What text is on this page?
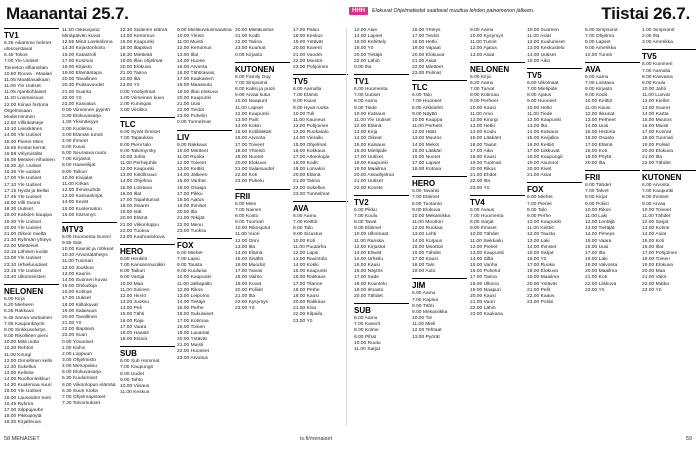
Maanantai 25.7.	HHH	Elokuvat Ohjelmatiedot saattavat muuttua lehden painomenon jälkeen.	Tiistai 26.7.
TV1
6.25 Aikamme helmet ulosovistavat
6.45 Tokos
7.00 Yle Uutiset
Toimeton elfiansilain
10.50 Rouva - Maalari
11.05 Maatilasaikaan
11.00 Yle Uutiset
11.05 Ajankohtaiset
11.20 Loomeisuus
12.00 Kiinan historia
Orgelmisaan Moderniminen
12.50 Villinkatseje
13.10 Leisskänen
14.00 Yle Uutiset
15.00 Pienet Mies
15.55 Kootut kerrat
15.58 Vrilymistilät
16.05 Metsien Alhainen
16.30 Jyl. Uutiset
16.35 Yle uutiset
17.00 Yle Uutiset
17.10 Yle Uutiset
17.15 Hyvät ja Bellat
17.45 Yle Uutiset
18.00 Villi Suomi
18.30 Uutiset
19.00 Kahden kauppa
19.30 Yle Uutiset
20.00 Yle Uutiset
21.00 Oikein mieltä
21.30 Ryhmän yhteys
22.00 Mietteiset
22.15 Lähisen luolat
23.00 Yle Uutiset
23.10 Urheiluuutiset
23.15 Yle Uutiset
23.40 Ulkoministeri
NELONEN
6.00 Kirja
6.20 Mieheen
6.25 Rakkaus
6.45 Sanna Vartiainen
7.05 Kaupankäynti
8.00 Sinkkuselvitys
9.00 Rikollinen pieni
10.00 Mitä uutta
10.30 Rehtori
11.00 Kirurgi
12.00 Onnellinen kello
12.30 Sukellus
13.00 Kelloita
14.00 Ruohonleikkuri
14.30 Kuolemaa suuri
15.00 Yle Uutiset
16.00 Lauseiden tunti
16.45 Ryhmä
17.00 Silppujauhe
18.00 Pikkupöytä
18.30 Kirjallisuus
11.50 Oikeusjutut
Minäpäivän kuvat
12.55 Minä Lastenlinna
14.30 Kirjastonhoito
16.00 Katastrofi
17.00 Kosmos
18.00 Kirjasto
19.00 Elämäntapa
20.00 Tavallinen
20.30 Puistovuodet
21.00 Suunta
22.00 Yö
23.00 Kasvatus
0.00 Viimeinen pyyntö
0.30 Elokuvasarja
1.00 Yksinäisyys
2.00 Kuolema
3.00 Elämän tunnit
4.00 Ihmeet
5.00 Kuusi
6.00 Seuraava ruutu
7.00 Kirjastot
8.00 Haaveilijat
9.00 Taikuri
10.00 Kivijalat
11.00 Kirkas
12.00 Ihmissuhde
13.00 Kansankirjat
14.00 Kevät
15.00 Kuolematon
16.00 Kärsimys
MTV3
6.00 Huomenta Suomi
9.55 Sää
10.00 Kauniit ja rohkeat
10.30 Arvontalähetys
11.00 Tuomari
12.00 Joukkue
13.00 Kaunis
14.00 Suomen kuvat
15.00 Ohikulkija
16.00 Kolmas
17.00 Uutiset
18.00 Kiiltokuvat
19.00 Salaisuus
20.00 Tavallinen
21.00 Yö
22.00 Iltapäivä
23.00 Suuri
0.00 Yöuutiset
1.00 Kahvi
2.00 Loppuun
3.00 Ohjelmisto
4.00 Menopaluu
5.00 Elokuvasarja
5.30 Kuulumiset
6.00 Viikonlopun elämää
6.30 Suuri ruoka
7.00 Ohjelmapisteet
7.30 Toivomukset
12.30 Sisäinen elämä
14.00 Kertomus
16.00 Kaupunki
18.00 Iltapäivä
18.30 Mietteitä
19.00 Illan ohjelmat
20.00 Elokuva
21.00 Tarina
22.00 Ilta
23.00 Yö
0.00 Yöohjelmat
1.00 Viimeinen kuva
2.00 Kuningas
3.00 Viisikko
TLC
6.00 Syvät ihmiset
7.00 Tapauksia
8.00 Pieni talo
9.00 Talvimyrsky
10.00 Juhla
11.00 Perhejuhla
12.00 Kaupunki
13.00 Kiitollisuus
14.00 Ohjelma
15.00 Loistava
16.00 Illat
17.00 Tapahtumat
18.00 Sisaret
19.00 Isät
20.00 Elämä
21.00 Viikonloppu
22.00 Tuoksu
23.00 Kauhuelokuva
HERO
6.00 Henkilö
7.00 Kansanmusiikki
8.00 Taikuri
9.00 Vartija
10.00 Maa
11.00 Sininen
12.00 Hirviö
13.00 Juoksu
14.00 Peli
15.00 Tähti
16.00 Raja
17.00 Vaara
18.00 Haaste
19.00 Etsivä
SUB
6.00 Sub Hommat
7.00 Kaupungit
8.00 Uudet
9.00 Tahto
10.00 Viisaus
11.00 Keskus
9.00 Mielikuvitusmaailma
10.00 Yleisö
11.00 Muisti
12.00 Kertomus
13.00 Illat
14.00 Huone
15.00 Arvonta
16.00 Tähtitaivas
17.00 Kaukainen
18.00 Maaseutu
19.00 Illan elokuva
20.00 Kaupunki
21.00 Uusi
22.00 Tiedot
23.00 Puhelin
0.00 Tunnelmat
LIV
9.00 Rakkaus
10.00 Mietteet
11.00 Ruoka
12.00 Toiveet
13.00 Keittiö
14.00 Jälkeen
15.00 Vanhat
16.00 Osaaja
17.00 Pikku
18.00 Ajatus
19.00 Ihmiset
20.00 Ilta
21.00 Tekijät
22.00 Menu
23.00 Tuoksu
FOX
6.00 Miehet
7.00 Lapsi
8.00 Tausta
9.00 Kuuluisa
10.00 Kaupunki
11.00 Jalkapallo
12.00 Rikos
13.00 Leipomo
14.00 Tietäjä
15.00 Perhe
16.00 Sukulaiset
17.00 Kotimaa
18.00 Toinen
19.00 Lauantai
20.00 Ystävät
21.00 Muisti
22.00 Huoneet
23.00 Arvoitus
20.00 Mielikuvitus
21.00 Kodit
22.00 Tarina
23.00 Kuumat
0.00 Kirjasto
KUTONEN
6.00 Family Guy
7.00 Simpsonit
8.00 Kaksi ja puoli
9.00 Arvaa kuka
10.00 Naapurit
11.00 Lapset
12.00 Kaupunki
13.00 Parit
14.00 Kokin
15.00 Kotilääkäri
16.00 Arvonta
17.00 Toiveet
18.00 Yhteisö
19.00 Nuoret
20.00 Elokuva
21.00 Salaisuudet
22.00 Koti
23.00 Puhelu
FRII
6.00 Mies
7.00 Nainen
8.00 Kosto
9.00 Tuomari
10.00 Rikosjutut
11.00 Vuori
12.00 Onni
13.00 Ilta
14.00 Elämä
15.00 Sisältö
16.00 Muodot
17.00 Taivas
18.00 Vaihto
19.00 Kuvat
20.00 Poliisit
21.00 Ilta
22.00 Kysymys
23.00 Yö
17.00 Paluu
18.00 Keskus
19.00 Ystävät
20.00 Kaverit
21.00 Vuodet
22.00 Muistot
23.00 Pohjoinen
TV5
6.00 Aamulla
7.00 Elämä
8.00 Kausi
9.00 Hyvä ruoka
10.00 Tuli
11.00 Kauneus
12.00 Pohjoinen
13.00 Ruokatalo
14.00 Vierailu
15.00 Ohjelmat
16.00 Kokkaus
17.00 Arkeologia
18.00 Kodit
19.00 Lomaksi
20.00 Elämä
21.00 Tarina
22.00 Sukellus
23.00 Tunnelmat
AVA
6.00 Aamu
7.00 Keittiö
8.00 Talo
9.00 Sisustus
10.00 Koti
11.00 Puutarha
12.00 Lapsi
13.00 Ravintola
14.00 Kokki
15.00 Kaupunki
16.00 Rakkaus
17.00 Tilanne
18.00 Perhe
19.00 Kausi
20.00 Rakkaus
21.00 Kisa
22.00 Kilpailu
23.00 Yö
12.00 Alue
14.00 Lapset
16.00 Kehittely
18.00 Yö
20.00 Tietäjä
22.00 Lähiö
0.00 Ilta
TV1
6.00 Huomenta
7.00 Uutiset
8.00 Aamu
9.00 Tiede
10.00 Katsaus
11.00 Yle Uutiset
12.00 Elämä
13.00 Kirja
14.00 Oikeat
15.00 Katsaus
16.00 Mielipide
17.00 Uutiset
18.00 Kaupunki
19.00 Maailma
20.00 Asiaohjelma
21.00 Uutiset
22.00 Kooste
TV2
6.00 Pikku
7.00 Koulu
8.00 Tavat
9.00 Eläimet
10.00 Ulkomaat
11.00 Ranska
12.00 Kirjastot
13.00 Elävät
14.00 Urheilu
15.00 Kausi
16.00 Näytös
17.00 Sade
18.00 Kuuntelu
19.00 Ilmasto
20.00 Tähdet
SUB
6.00 Aamu
7.00 Kaverit
8.00 Kolme
9.00 Pihat
10.00 Ruutu
11.00 Sarjat
16.00 Yhteys
17.00 Tiedot
18.00 Hetki
19.00 Vapaat
20.00 Elokuvat
21.00 Asiat
22.00 Mietteet
23.00 Pulmat
TLC
6.00 Talo
7.00 Huoneet
8.00 Arkkitehti
9.00 Näyttö
10.00 Kauppa
11.00 Perheet
12.00 Häät
13.00 Muutos
14.00 Mekot
15.00 Lääkäri
16.00 Nuoret
17.00 Lapset
18.00 Kotona
HERO
6.00 Tavarat
7.00 Eläimet
8.00 Tuotanto
9.00 Elokuva
10.00 Mekaniikka
11.00 Moottori
12.00 Ruokaa
13.00 Lehti
14.00 Korjaus
15.00 Moottori
16.00 Tähdet
17.00 Kausi
18.00 Talo
19.00 Auto
JIM
6.00 Aamu
7.00 Kapina
8.00 Tähti
9.00 Mekaniikka
10.00 Tie
11.00 Mieli
12.00 Tehtaat
13.00 Pyörät
9.00 Aamu
10.00 Kysymys
11.00 Tunnit
12.00 Ajatus
13.00 Asiat
NELONEN
6.00 Kirja
6.20 Aamu
7.00 Turvat
8.00 Kotimaa
9.00 Perheet
10.00 Kausi
11.00 Arvo
12.00 Kirurgi
13.00 Hetki
14.00 Koulu
15.00 Lääkärit
16.00 Taulut
17.00 Aika
18.00 Kausi
19.00 Tuomari
20.00 Rikos
21.00 Ehdot
22.00 Ilta
23.00 Yö
TV4
6.00 Avaus
7.00 Huomenta
8.00 Sarjat
9.00 Ihmiset
10.00 Tähdet
11.00 Seikkailu
12.00 Pienet
13.00 Kaupunki
14.00 Silta
15.00 Vanha
16.00 Puhelut
17.00 Tarina
18.00 Ulkona
19.00 Naapuri
20.00 Kausi
21.00 Vuori
22.00 Lähiö
23.00 Kaukana
10.00 Suomen
11.00 Asiat
12.00 Kuulumiset
13.00 Keskustelu
14.00 Uutiset
15.00 Aika
TV5
6.00 Ulkomaat
7.00 Mielipide
8.00 Ajatus
9.00 Huoneet
10.00 Hetki
11.00 Tiede
12.00 Kaupunki
13.00 Ilta
14.00 Katsaus
15.00 Kivijalka
16.00 Keittiö
17.00 Liikkuvat
18.00 Kaupungit
19.00 Asunnot
20.00 Kivet
21.00 Asiat
FOX
6.00 Miehet
7.00 Pienet
8.00 Talo
9.00 Perhe
10.00 Kaupunki
11.00 Keittiö
12.00 Tausta
13.00 Laki
14.00 Ihmiset
15.00 Sarjat
16.00 Yö
17.00 Ruoka
18.00 Elokuva
19.00 Maailma
20.00 Ystävät
21.00 Pelit
22.00 Kaaos
23.00 Poliisi
6.00 Simpsonit
7.00 Ohjelma
8.00 Lapset
9.00 Amerikka
10.00 Tunnit
AVA
6.00 Aamu
7.00 Loistava
8.00 Kirjasto
9.00 Kodit
10.00 Keittiö
11.00 Kausi
12.00 Ikkunat
13.00 Perheet
14.00 Uusi
15.00 Historia
16.00 Osasto
17.00 Elämä
18.00 Koti
19.00 Pöytä
20.00 Ilta
FRII
6.00 Tähdet
7.00 Talvet
8.00 Kirjat
9.00 Poliisi
10.00 Rikos
11.00 Laki
12.00 Lentäjä
13.00 Tietäjät
14.00 Pimeys
15.00 Vaara
16.00 Uusi
17.00 Ilta
18.00 Laki
19.00 Valvonta
20.00 Maailma
21.00 Koti
22.00 Liikkuva
23.00 Yö
1.00 Simpsonit
2.00 Ilta
3.00 Amerikka
TV5
6.00 Kummeri
7.00 Aamulla
8.00 Kasvatus
9.00 Koulu
10.00 Jahti
11.00 Luovat
12.00 Kiellot
13.00 Suuret
14.00 Kartta
15.00 Muutos
16.00 Muisti
17.00 Kunnat
18.00 Tuomari
19.00 Poliisit
20.00 Elokuva
21.00 Ilta
22.00 Tähdet
KUTONEN
6.00 Arvonta
7.00 Kaupunki
8.00 Ihmiset
9.00 Arvaa
10.00 Toiveet
11.00 Tähdet
12.00 Sarjat
13.00 Kolme
14.00 Asiat
15.00 Koti
16.00 Illat
17.00 Pohjoinen
18.00 Toinen
19.00 Elokuva
20.00 Maa
21.00 Valot
22.00 Matka
23.00 Yö
58 MENAISET	is.fi/menaiset	59
